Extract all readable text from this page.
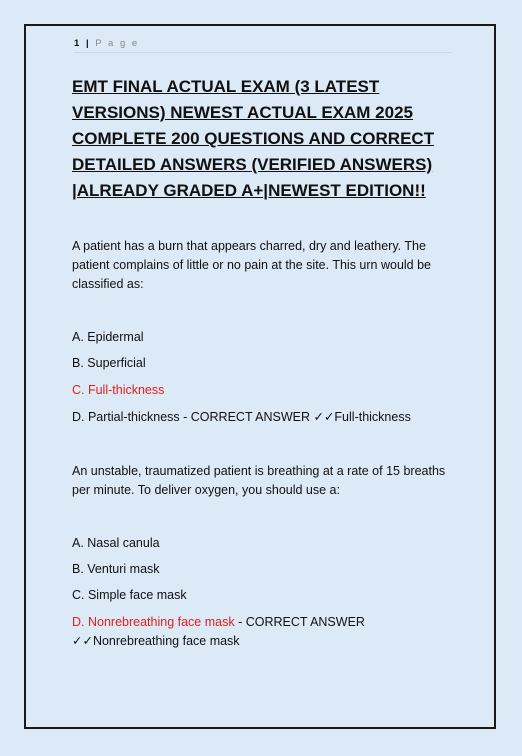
1 | P a g e
EMT FINAL ACTUAL EXAM (3 LATEST VERSIONS) NEWEST ACTUAL EXAM 2025 COMPLETE 200 QUESTIONS AND CORRECT DETAILED ANSWERS (VERIFIED ANSWERS) |ALREADY GRADED A+|NEWEST EDITION!!

A patient has a burn that appears charred, dry and leathery. The patient complains of little or no pain at the site. This urn would be classified as:

A. Epidermal

B. Superficial

C. Full-thickness

D. Partial-thickness - CORRECT ANSWER ✓✓Full-thickness

An unstable, traumatized patient is breathing at a rate of 15 breaths per minute. To deliver oxygen, you should use a:

A. Nasal canula

B. Venturi mask

C. Simple face mask

D. Nonrebreathing face mask - CORRECT ANSWER ✓✓Nonrebreathing face mask
